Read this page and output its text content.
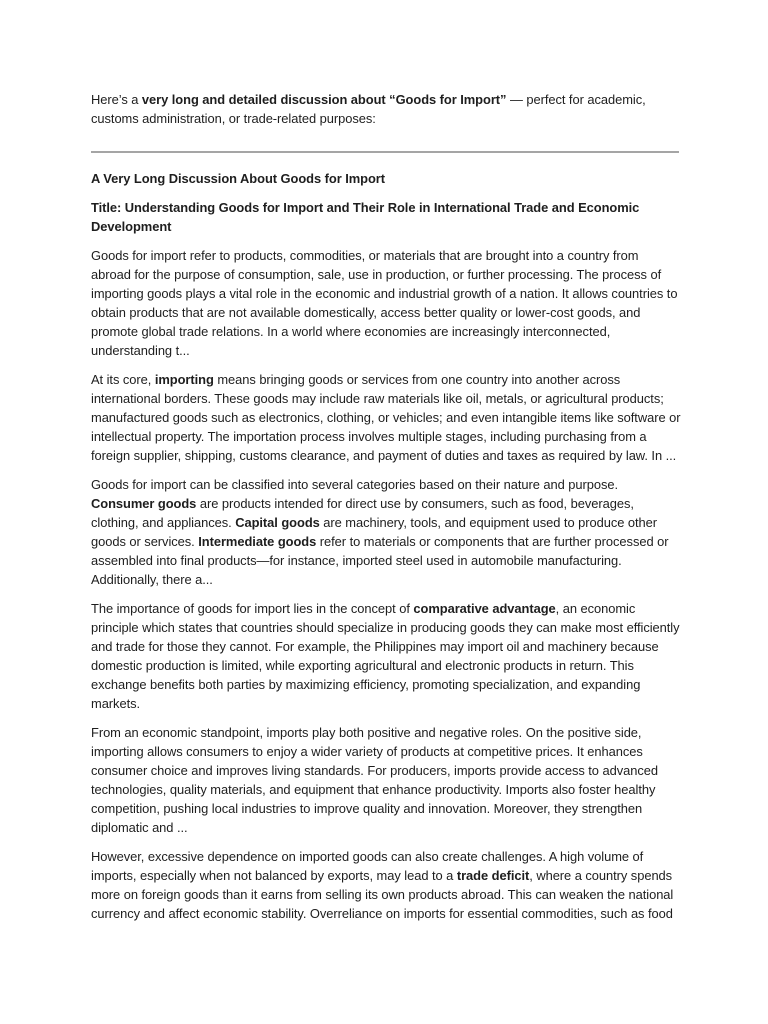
Here’s a very long and detailed discussion about “Goods for Import” — perfect for academic, customs administration, or trade-related purposes:

A Very Long Discussion About Goods for Import

Title: Understanding Goods for Import and Their Role in International Trade and Economic Development

Goods for import refer to products, commodities, or materials that are brought into a country from abroad for the purpose of consumption, sale, use in production, or further processing. The process of importing goods plays a vital role in the economic and industrial growth of a nation. It allows countries to obtain products that are not available domestically, access better quality or lower-cost goods, and promote global trade relations. In a world where economies are increasingly interconnected, understanding t...

At its core, importing means bringing goods or services from one country into another across international borders. These goods may include raw materials like oil, metals, or agricultural products; manufactured goods such as electronics, clothing, or vehicles; and even intangible items like software or intellectual property. The importation process involves multiple stages, including purchasing from a foreign supplier, shipping, customs clearance, and payment of duties and taxes as required by law. In ...

Goods for import can be classified into several categories based on their nature and purpose. Consumer goods are products intended for direct use by consumers, such as food, beverages, clothing, and appliances. Capital goods are machinery, tools, and equipment used to produce other goods or services. Intermediate goods refer to materials or components that are further processed or assembled into final products—for instance, imported steel used in automobile manufacturing. Additionally, there a...

The importance of goods for import lies in the concept of comparative advantage, an economic principle which states that countries should specialize in producing goods they can make most efficiently and trade for those they cannot. For example, the Philippines may import oil and machinery because domestic production is limited, while exporting agricultural and electronic products in return. This exchange benefits both parties by maximizing efficiency, promoting specialization, and expanding markets.

From an economic standpoint, imports play both positive and negative roles. On the positive side, importing allows consumers to enjoy a wider variety of products at competitive prices. It enhances consumer choice and improves living standards. For producers, imports provide access to advanced technologies, quality materials, and equipment that enhance productivity. Imports also foster healthy competition, pushing local industries to improve quality and innovation. Moreover, they strengthen diplomatic and ...

However, excessive dependence on imported goods can also create challenges. A high volume of imports, especially when not balanced by exports, may lead to a trade deficit, where a country spends more on foreign goods than it earns from selling its own products abroad. This can weaken the national currency and affect economic stability. Overreliance on imports for essential commodities, such as food
